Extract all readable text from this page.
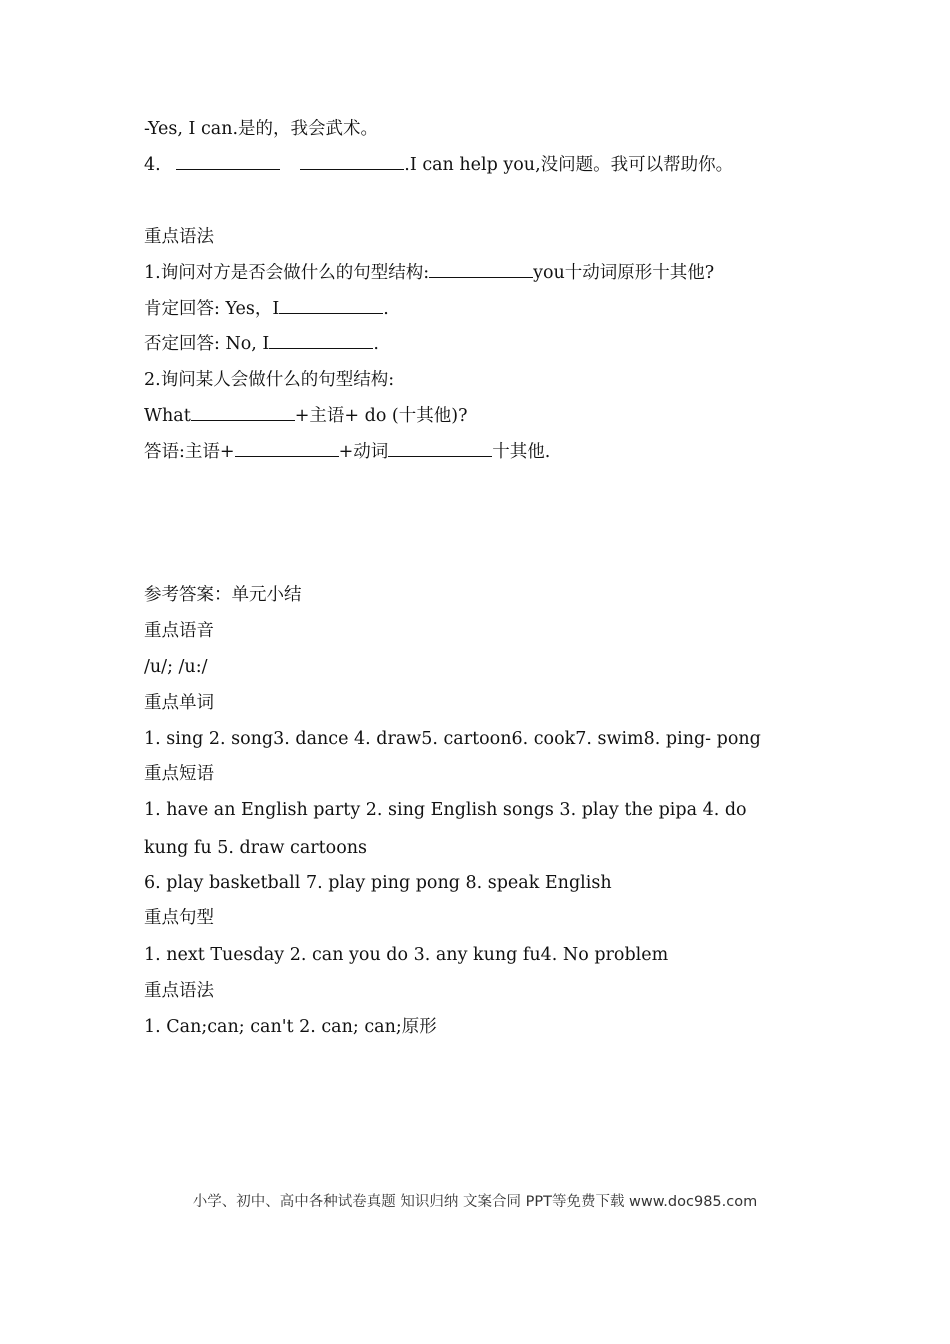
-Yes, I can.是的，我会武术。
4.	.I can help you,没问题。我可以帮助你。
重点语法
1.询问对方是否会做什么的句型结构:	you十动词原形十其他?
肯定回答: Yes，I	.
否定回答: No, I	.
2.询问某人会做什么的句型结构:
What	+主语+ do (十其他)?
答语:主语+	+动词	十其他.
参考答案：单元小结
重点语音
/u/; /u:/
重点单词
1. sing 2. song3. dance 4. draw5. cartoon6. cook7. swim8. ping- pong
重点短语
1. have an English party 2. sing English songs 3. play the pipa 4. do
kung fu 5. draw cartoons
6. play basketball 7. play ping pong 8. speak English
重点句型
1. next Tuesday 2. can you do 3. any kung fu4. No problem
重点语法
1. Can;can; can't 2. can; can;原形
小学、初中、高中各种试卷真题 知识归纳 文案合同 PPT等免费下载 www.doc985.com
